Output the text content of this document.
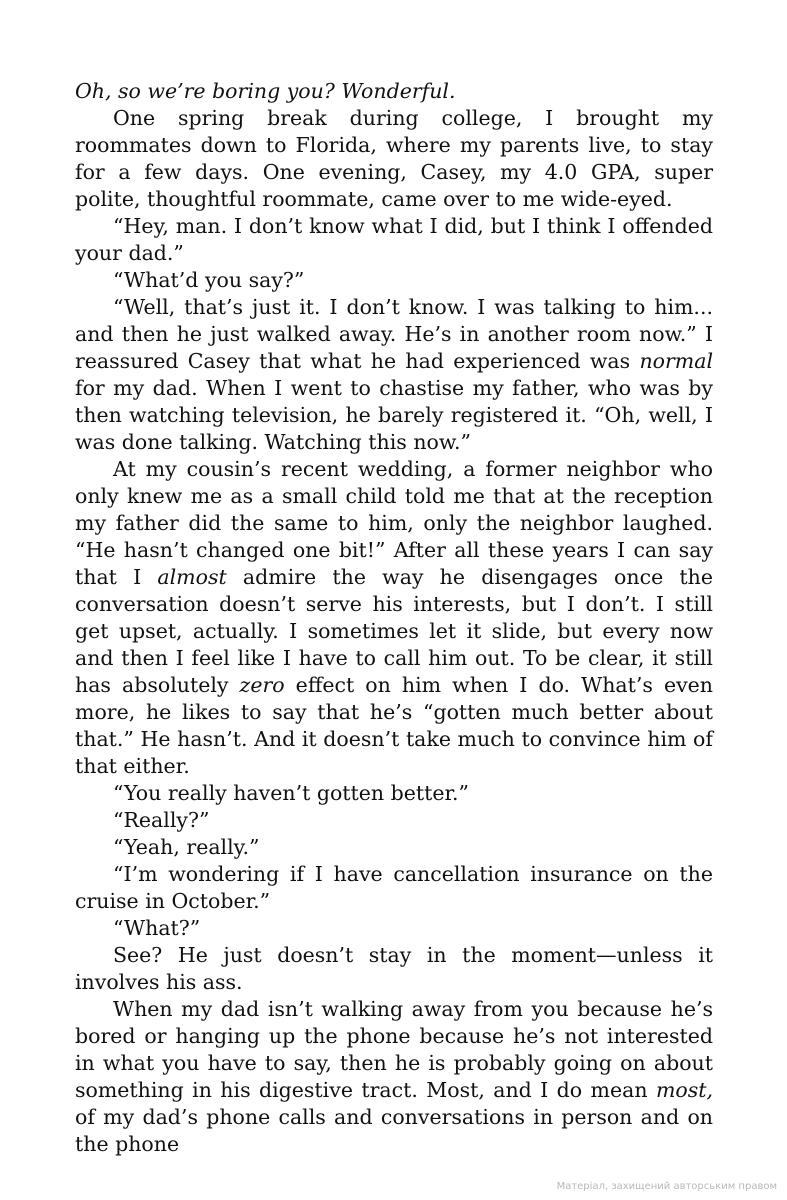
Oh, so we’re boring you? Wonderful.

One spring break during college, I brought my roommates down to Florida, where my parents live, to stay for a few days. One evening, Casey, my 4.0 GPA, super polite, thoughtful roommate, came over to me wide-eyed.

“Hey, man. I don’t know what I did, but I think I offended your dad.”

“What’d you say?”

“Well, that’s just it. I don’t know. I was talking to him... and then he just walked away. He’s in another room now.” I reassured Casey that what he had experienced was normal for my dad. When I went to chastise my father, who was by then watching television, he barely registered it. “Oh, well, I was done talking. Watching this now.”

At my cousin’s recent wedding, a former neighbor who only knew me as a small child told me that at the reception my father did the same to him, only the neighbor laughed. “He hasn’t changed one bit!” After all these years I can say that I almost admire the way he disengages once the conversation doesn’t serve his interests, but I don’t. I still get upset, actually. I sometimes let it slide, but every now and then I feel like I have to call him out. To be clear, it still has absolutely zero effect on him when I do. What’s even more, he likes to say that he’s “gotten much better about that.” He hasn’t. And it doesn’t take much to convince him of that either.

“You really haven’t gotten better.”

“Really?”

“Yeah, really.”

“I’m wondering if I have cancellation insurance on the cruise in October.”

“What?”

See? He just doesn’t stay in the moment—unless it involves his ass.

When my dad isn’t walking away from you because he’s bored or hanging up the phone because he’s not interested in what you have to say, then he is probably going on about something in his digestive tract. Most, and I do mean most, of my dad’s phone calls and conversations in person and on the phone

Матеріал, захищений авторським правом
